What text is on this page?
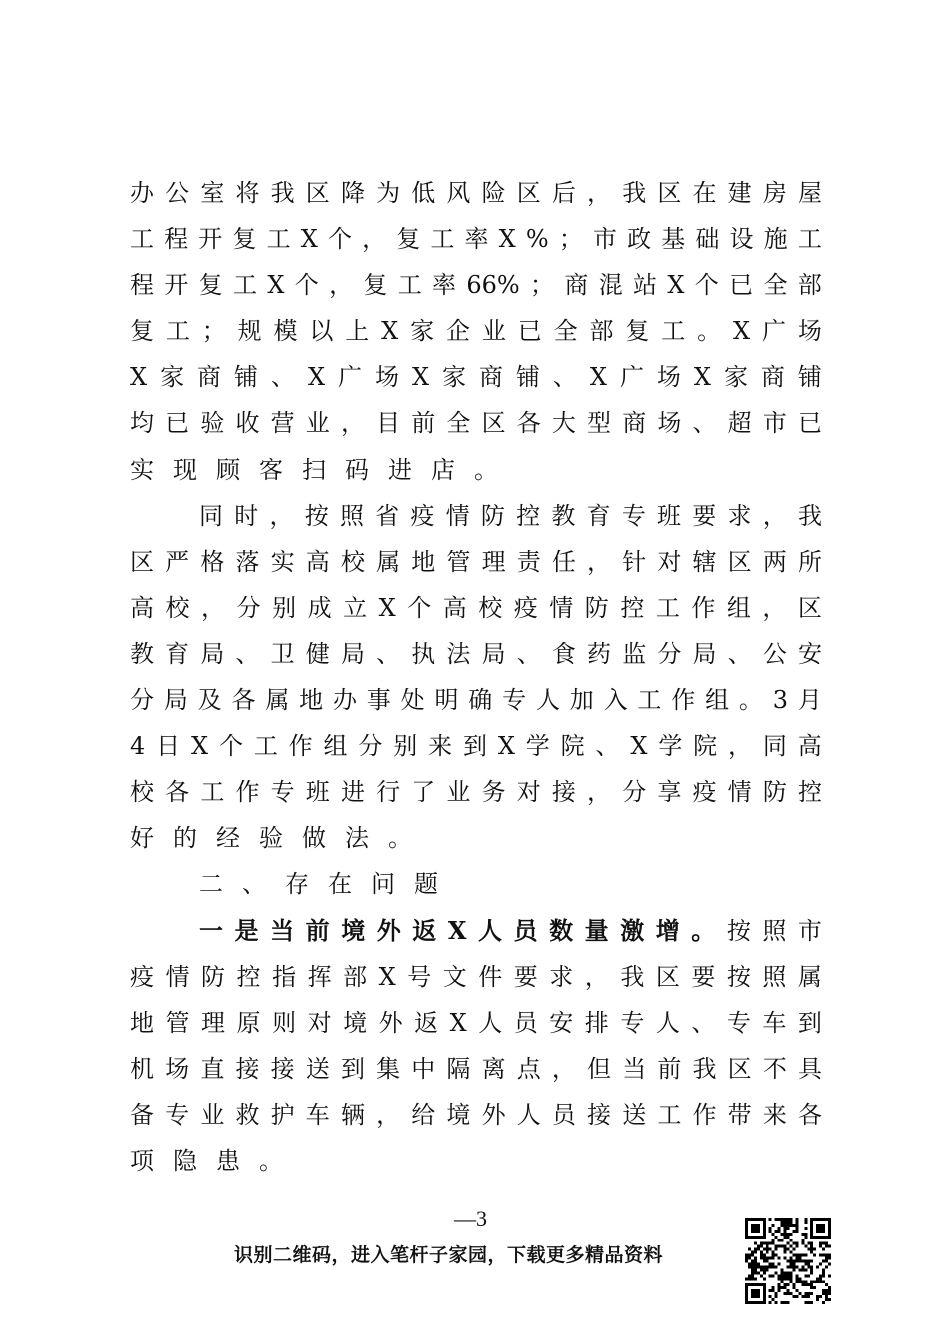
办 公 室 将 我 区 降 为 低 风 险 区 后 ， 我 区 在 建 房 屋
工 程 开 复 工 X 个 ， 复 工 率 X % ； 市 政 基 础 设 施 工
程 开 复 工 X 个 ， 复 工 率 66% ； 商 混 站 X 个 已 全 部
复 工 ； 规 模 以 上 X 家 企 业 已 全 部 复 工 。 X 广 场
X 家 商 铺 、 X 广 场 X 家 商 铺 、 X 广 场 X 家 商 铺
均 已 验 收 营 业 ， 目 前 全 区 各 大 型 商 场 、 超 市 已
实 现 顾 客 扫 码 进 店 。
同 时 ， 按 照 省 疫 情 防 控 教 育 专 班 要 求 ， 我
区 严 格 落 实 高 校 属 地 管 理 责 任 ， 针 对 辖 区 两 所
高 校 ， 分 别 成 立 X 个 高 校 疫 情 防 控 工 作 组 ， 区
教 育 局 、 卫 健 局 、 执 法 局 、 食 药 监 分 局 、 公 安
分 局 及 各 属 地 办 事 处 明 确 专 人 加 入 工 作 组 。 3 月
4 日 X 个 工 作 组 分 别 来 到 X 学 院 、 X 学 院 ， 同 高
校 各 工 作 专 班 进 行 了 业 务 对 接 ， 分 享 疫 情 防 控
好 的 经 验 做 法 。
二 、 存 在 问 题
一 是 当 前 境 外 返 X 人 员 数 量 激 增 。 按 照 市
疫 情 防 控 指 挥 部 X 号 文 件 要 求 ， 我 区 要 按 照 属
地 管 理 原 则 对 境 外 返 X 人 员 安 排 专 人 、 专 车 到
机 场 直 接 接 送 到 集 中 隔 离 点 ， 但 当 前 我 区 不 具
备 专 业 救 护 车 辆 ， 给 境 外 人 员 接 送 工 作 带 来 各
项 隐 患 。
—3
识别二维码，进入笔杆子家园，下载更多精品资料
